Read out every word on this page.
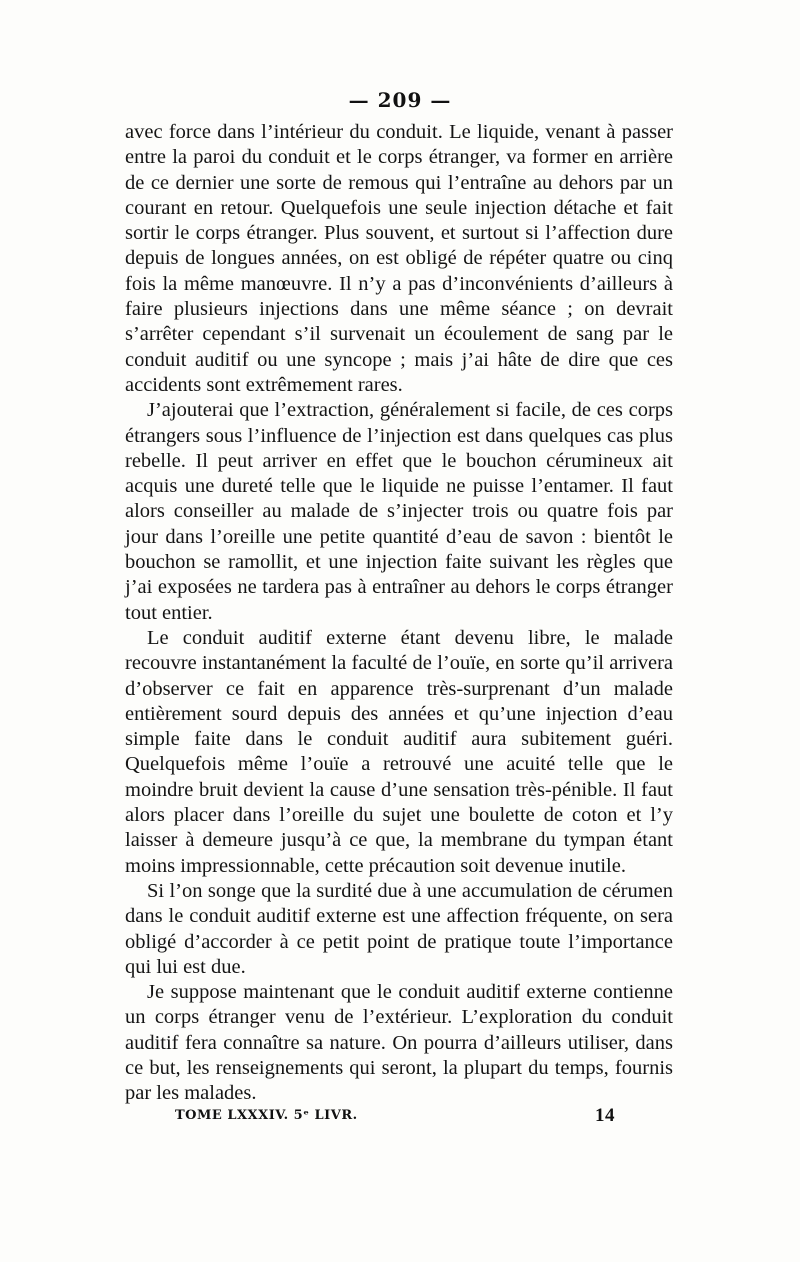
— 209 —

avec force dans l’intérieur du conduit. Le liquide, venant à passer entre la paroi du conduit et le corps étranger, va former en arrière de ce dernier une sorte de remous qui l’entraîne au dehors par un courant en retour. Quelquefois une seule injection détache et fait sortir le corps étranger. Plus souvent, et surtout si l’affection dure depuis de longues années, on est obligé de répéter quatre ou cinq fois la même manœuvre. Il n’y a pas d’inconvénients d’ailleurs à faire plusieurs injections dans une même séance ; on devrait s’arrêter cependant s’il survenait un écoulement de sang par le conduit auditif ou une syncope ; mais j’ai hâte de dire que ces accidents sont extrêmement rares.

J’ajouterai que l’extraction, généralement si facile, de ces corps étrangers sous l’influence de l’injection est dans quelques cas plus rebelle. Il peut arriver en effet que le bouchon cérumineux ait acquis une dureté telle que le liquide ne puisse l’entamer. Il faut alors conseiller au malade de s’injecter trois ou quatre fois par jour dans l’oreille une petite quantité d’eau de savon : bientôt le bouchon se ramollit, et une injection faite suivant les règles que j’ai exposées ne tardera pas à entraîner au dehors le corps étranger tout entier.

Le conduit auditif externe étant devenu libre, le malade recouvre instantanément la faculté de l’ouïe, en sorte qu’il arrivera d’observer ce fait en apparence très-surprenant d’un malade entièrement sourd depuis des années et qu’une injection d’eau simple faite dans le conduit auditif aura subitement guéri. Quelquefois même l’ouïe a retrouvé une acuité telle que le moindre bruit devient la cause d’une sensation très-pénible. Il faut alors placer dans l’oreille du sujet une boulette de coton et l’y laisser à demeure jusqu’à ce que, la membrane du tympan étant moins impressionnable, cette précaution soit devenue inutile.

Si l’on songe que la surdité due à une accumulation de cérumen dans le conduit auditif externe est une affection fréquente, on sera obligé d’accorder à ce petit point de pratique toute l’importance qui lui est due.

Je suppose maintenant que le conduit auditif externe contienne un corps étranger venu de l’extérieur. L’exploration du conduit auditif fera connaître sa nature. On pourra d’ailleurs utiliser, dans ce but, les renseignements qui seront, la plupart du temps, fournis par les malades.

TOME LXXXIV. 5ᵉ LIVR.	14
